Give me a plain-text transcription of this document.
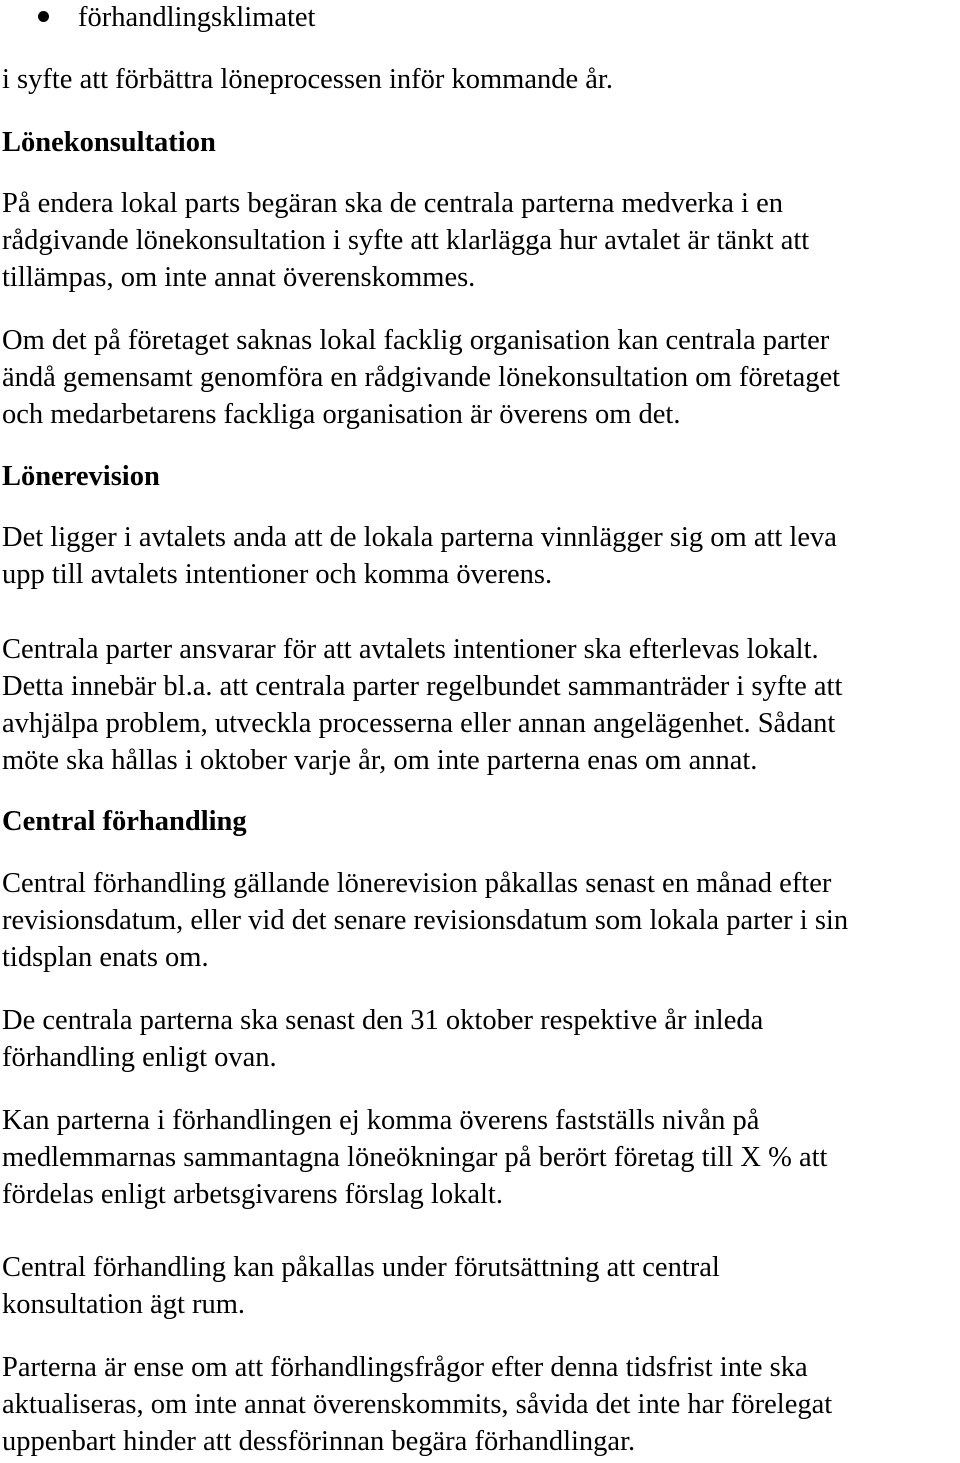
förhandlingsklimatet
i syfte att förbättra löneprocessen inför kommande år.
Lönekonsultation
På endera lokal parts begäran ska de centrala parterna medverka i en
rådgivande lönekonsultation i syfte att klarlägga hur avtalet är tänkt att
tillämpas, om inte annat överenskommes.
Om det på företaget saknas lokal facklig organisation kan centrala parter
ändå gemensamt genomföra en rådgivande lönekonsultation om företaget
och medarbetarens fackliga organisation är överens om det.
Lönerevision
Det ligger i avtalets anda att de lokala parterna vinnlägger sig om att leva
upp till avtalets intentioner och komma överens.
Centrala parter ansvarar för att avtalets intentioner ska efterlevas lokalt.
Detta innebär bl.a. att centrala parter regelbundet sammanträder i syfte att
avhjälpa problem, utveckla processerna eller annan angelägenhet. Sådant
möte ska hållas i oktober varje år, om inte parterna enas om annat.
Central förhandling
Central förhandling gällande lönerevision påkallas senast en månad efter
revisionsdatum, eller vid det senare revisionsdatum som lokala parter i sin
tidsplan enats om.
De centrala parterna ska senast den 31 oktober respektive år inleda
förhandling enligt ovan.
Kan parterna i förhandlingen ej komma överens fastställs nivån på
medlemmarnas sammantagna löneökningar på berört företag till X % att
fördelas enligt arbetsgivarens förslag lokalt.
Central förhandling kan påkallas under förutsättning att central
konsultation ägt rum.
Parterna är ense om att förhandlingsfrågor efter denna tidsfrist inte ska
aktualiseras, om inte annat överenskommits, såvida det inte har förelegat
uppenbart hinder att dessförinnan begära förhandlingar.
